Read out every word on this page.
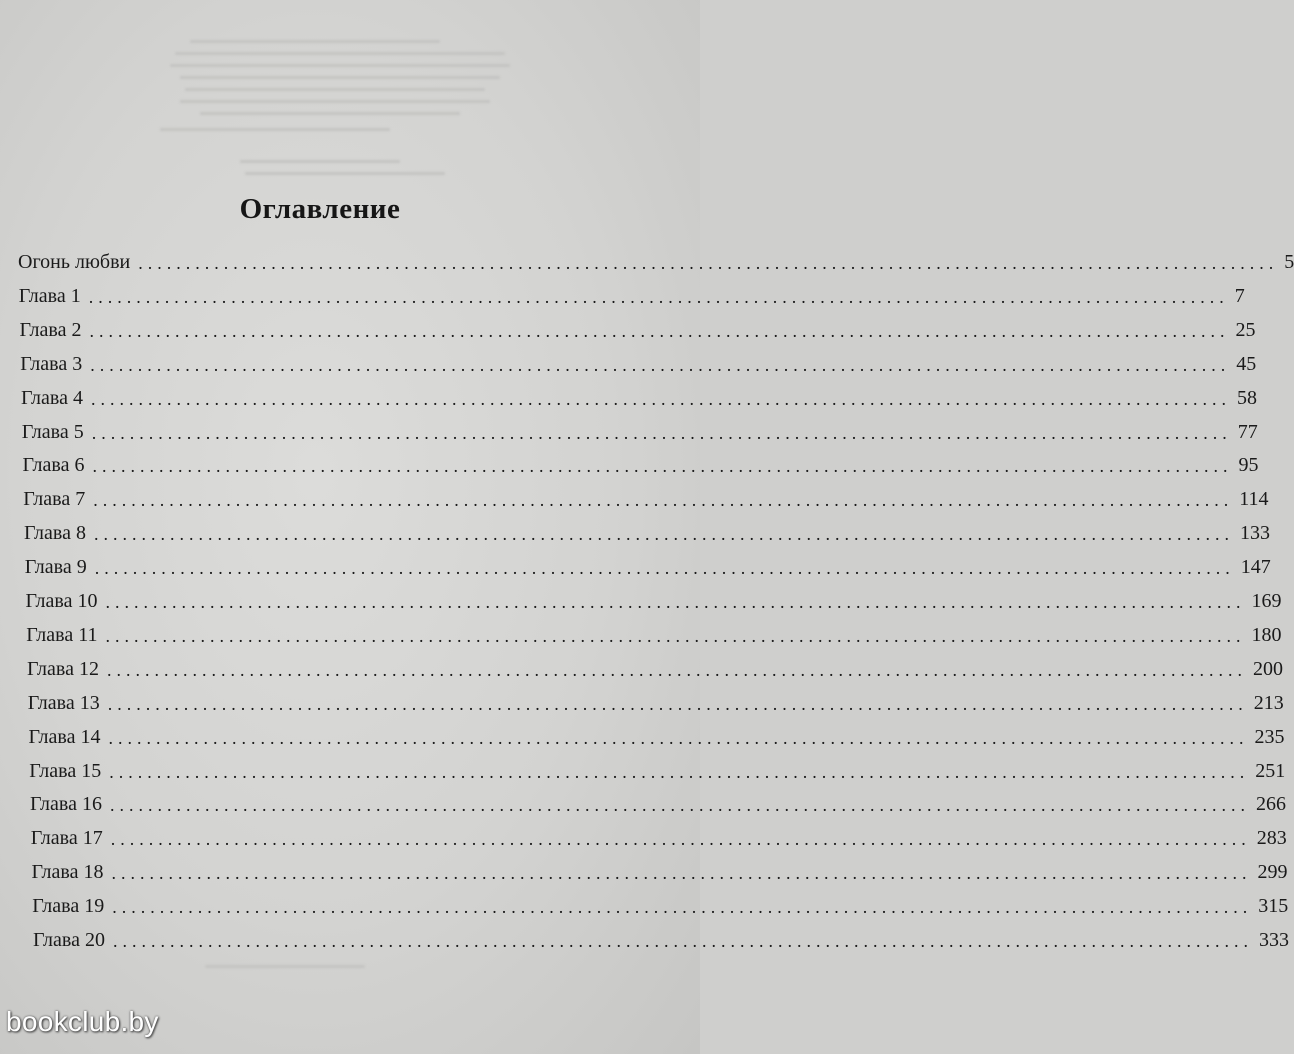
Оглавление
Огонь любви ........................................................................................................................ 5
Глава 1 ........................................................................................................................ 7
Глава 2 ........................................................................................................................ 25
Глава 3 ........................................................................................................................ 45
Глава 4 ........................................................................................................................ 58
Глава 5 ........................................................................................................................ 77
Глава 6 ........................................................................................................................ 95
Глава 7 ........................................................................................................................ 114
Глава 8 ........................................................................................................................ 133
Глава 9 ........................................................................................................................ 147
Глава 10 ........................................................................................................................ 169
Глава 11 ........................................................................................................................ 180
Глава 12 ........................................................................................................................ 200
Глава 13 ........................................................................................................................ 213
Глава 14 ........................................................................................................................ 235
Глава 15 ........................................................................................................................ 251
Глава 16 ........................................................................................................................ 266
Глава 17 ........................................................................................................................ 283
Глава 18 ........................................................................................................................ 299
Глава 19 ........................................................................................................................ 315
Глава 20 ........................................................................................................................ 333
bookclub.by
